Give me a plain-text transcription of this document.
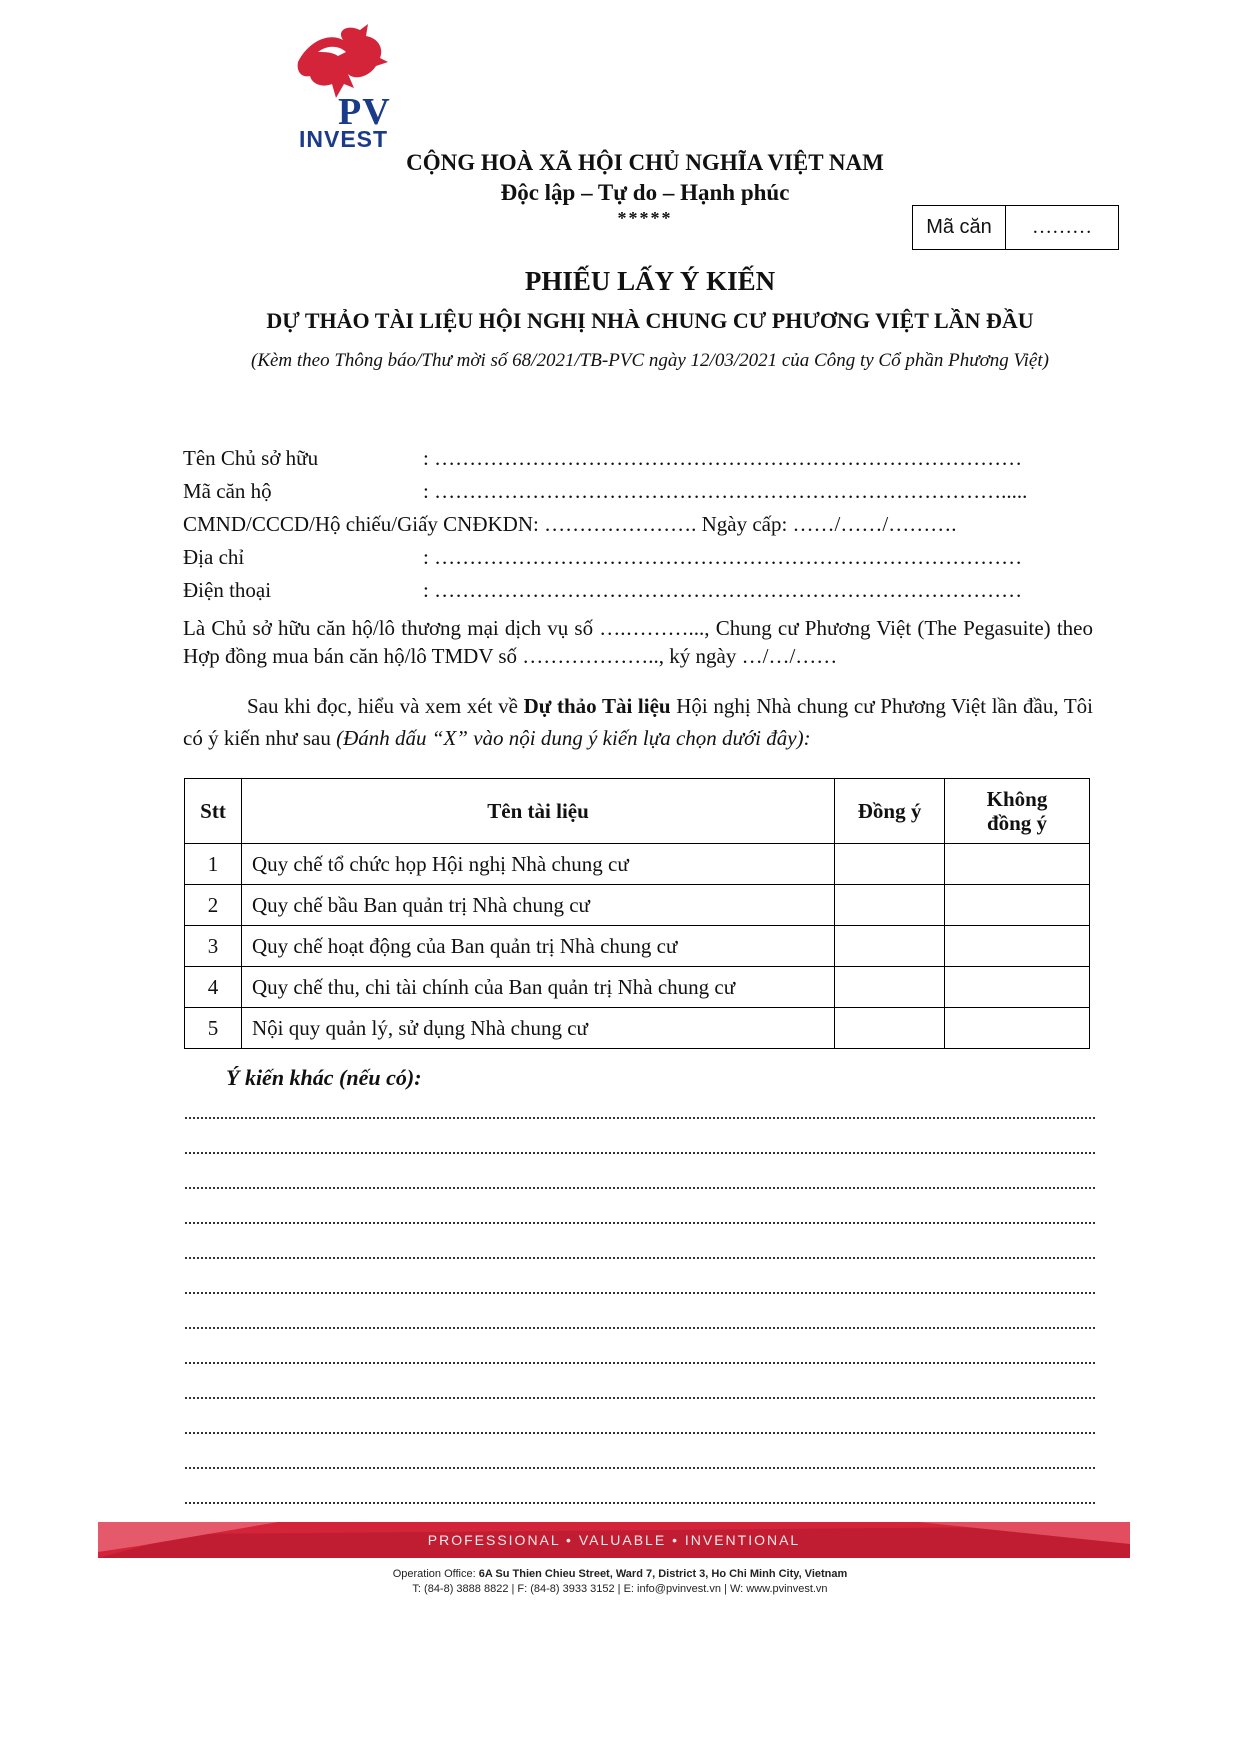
PV
INVEST
CỘNG HOÀ XÃ HỘI CHỦ NGHĨA VIỆT NAM
Độc lập – Tự do – Hạnh phúc
*****	Mã căn	………
PHIẾU LẤY Ý KIẾN
DỰ THẢO TÀI LIỆU HỘI NGHỊ NHÀ CHUNG CƯ PHƯƠNG VIỆT LẦN ĐẦU
(Kèm theo Thông báo/Thư mời số 68/2021/TB-PVC ngày 12/03/2021 của Công ty Cổ phần Phương Việt)
Tên Chủ sở hữu	: …………………………………………………………………………
Mã căn hộ	: ……………………………………………………………………….....
CMND/CCCD/Hộ chiếu/Giấy CNĐKDN: …………………. Ngày cấp: ……/……/……….
Địa chỉ	: …………………………………………………………………………
Điện thoại	: …………………………………………………………………………
Là Chủ sở hữu căn hộ/lô thương mại dịch vụ số ….………..., Chung cư Phương Việt (The Pegasuite) theo Hợp đồng mua bán căn hộ/lô TMDV số ……………….., ký ngày …/…/……
Sau khi đọc, hiểu và xem xét về Dự thảo Tài liệu Hội nghị Nhà chung cư Phương Việt lần đầu, Tôi có ý kiến như sau (Đánh dấu “X” vào nội dung ý kiến lựa chọn dưới đây):
Stt	Tên tài liệu	Đồng ý	Không đồng ý
1	Quy chế tổ chức họp Hội nghị Nhà chung cư		
2	Quy chế bầu Ban quản trị Nhà chung cư		
3	Quy chế hoạt động của Ban quản trị Nhà chung cư		
4	Quy chế thu, chi tài chính của Ban quản trị Nhà chung cư		
5	Nội quy quản lý, sử dụng Nhà chung cư		
Ý kiến khác (nếu có):
PROFESSIONAL • VALUABLE • INVENTIONAL
Operation Office: 6A Su Thien Chieu Street, Ward 7, District 3, Ho Chi Minh City, Vietnam
T: (84-8) 3888 8822 | F: (84-8) 3933 3152 | E: info@pvinvest.vn | W: www.pvinvest.vn
